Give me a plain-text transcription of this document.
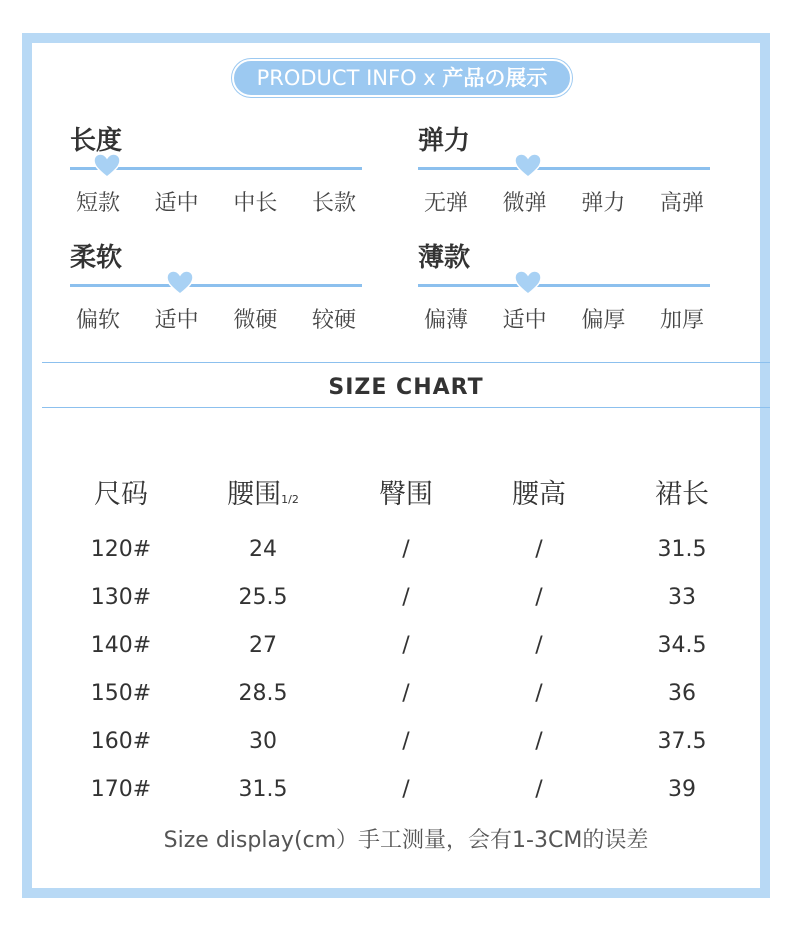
PRODUCT INFO x 产品の展示
长度
短款 适中 中长 长款
弹力
无弹 微弹 弹力 高弹
柔软
偏软 适中 微硬 较硬
薄款
偏薄 适中 偏厚 加厚
SIZE CHART
尺码	腰围1/2	臀围	腰高	裙长
120#	24	/	/	31.5
130#	25.5	/	/	33
140#	27	/	/	34.5
150#	28.5	/	/	36
160#	30	/	/	37.5
170#	31.5	/	/	39
Size display(cm）手工测量，会有1-3CM的误差
